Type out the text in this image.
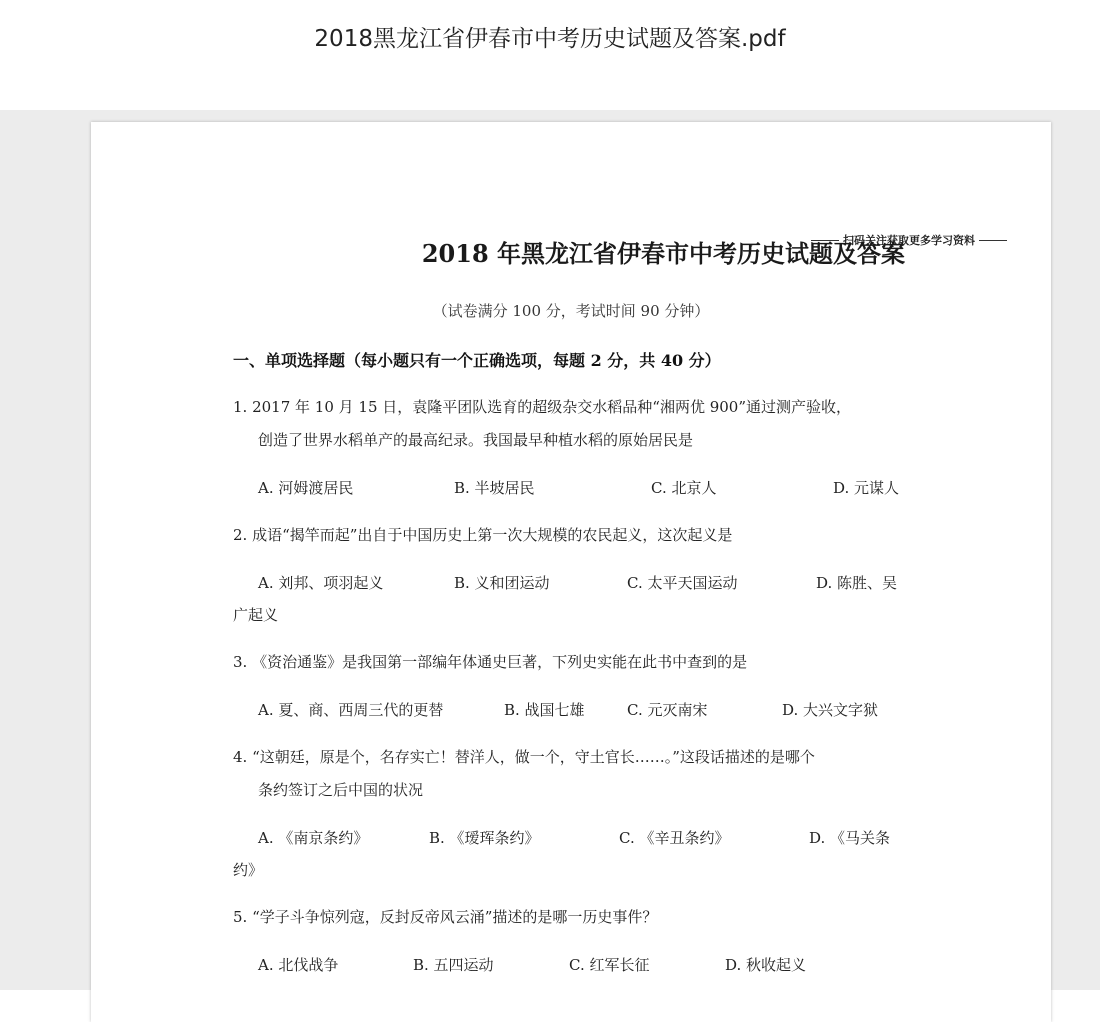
2018黑龙江省伊春市中考历史试题及答案.pdf
扫码关注获取更多学习资料
2018 年黑龙江省伊春市中考历史试题及答案
（试卷满分 100 分，考试时间 90 分钟）
一、单项选择题（每小题只有一个正确选项，每题 2 分，共 40 分）
1. 2017 年 10 月 15 日，袁隆平团队选育的超级杂交水稻品种“湘两优 900”通过测产验收，
创造了世界水稻单产的最高纪录。我国最早种植水稻的原始居民是
A. 河姆渡居民	B. 半坡居民	C. 北京人	D. 元谋人
2. 成语“揭竿而起”出自于中国历史上第一次大规模的农民起义，这次起义是
A. 刘邦、项羽起义	B. 义和团运动	C. 太平天国运动	D. 陈胜、吴
广起义
3. 《资治通鉴》是我国第一部编年体通史巨著，下列史实能在此书中查到的是
A. 夏、商、西周三代的更替	B. 战国七雄	C. 元灭南宋	D. 大兴文字狱
4. “这朝廷，原是个，名存实亡！替洋人，做一个，守土官长……。”这段话描述的是哪个
条约签订之后中国的状况
A. 《南京条约》	B. 《瑷珲条约》	C. 《辛丑条约》	D. 《马关条
约》
5. “学子斗争惊列寇，反封反帝风云涌”描述的是哪一历史事件？
A. 北伐战争	B. 五四运动	C. 红军长征	D. 秋收起义
